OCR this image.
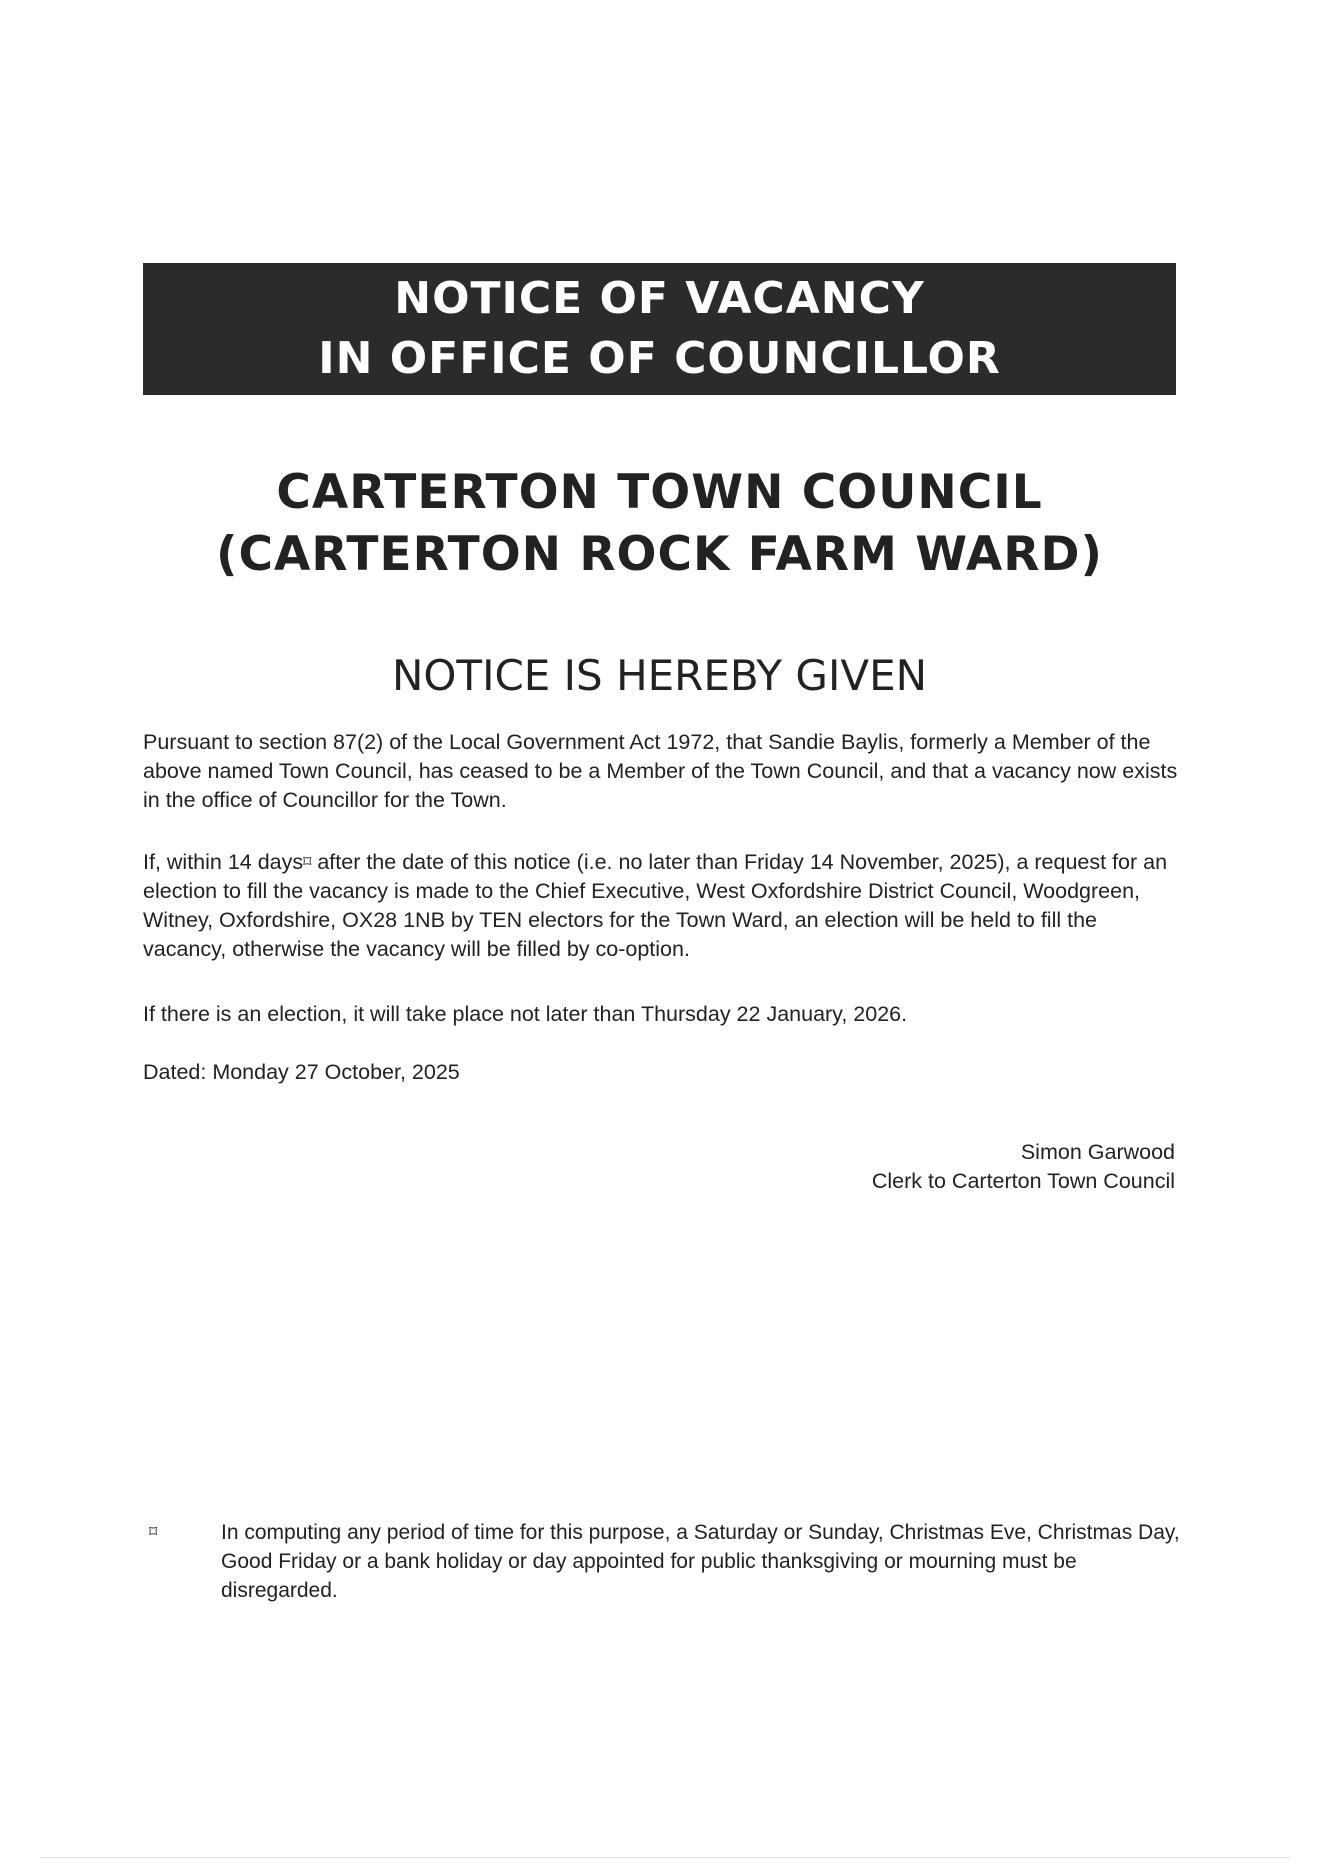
NOTICE OF VACANCY
IN OFFICE OF COUNCILLOR
CARTERTON TOWN COUNCIL
(CARTERTON ROCK FARM WARD)
NOTICE IS HEREBY GIVEN
Pursuant to section 87(2) of the Local Government Act 1972, that Sandie Baylis, formerly a Member of the above named Town Council, has ceased to be a Member of the Town Council, and that a vacancy now exists in the office of Councillor for the Town.
If, within 14 days⌑ after the date of this notice (i.e. no later than Friday 14 November, 2025), a request for an election to fill the vacancy is made to the Chief Executive, West Oxfordshire District Council, Woodgreen, Witney, Oxfordshire, OX28 1NB by TEN electors for the Town Ward, an election will be held to fill the vacancy, otherwise the vacancy will be filled by co-option.
If there is an election, it will take place not later than Thursday 22 January, 2026.
Dated: Monday 27 October, 2025
Simon Garwood
Clerk to Carterton Town Council
⌑	In computing any period of time for this purpose, a Saturday or Sunday, Christmas Eve, Christmas Day, Good Friday or a bank holiday or day appointed for public thanksgiving or mourning must be disregarded.
